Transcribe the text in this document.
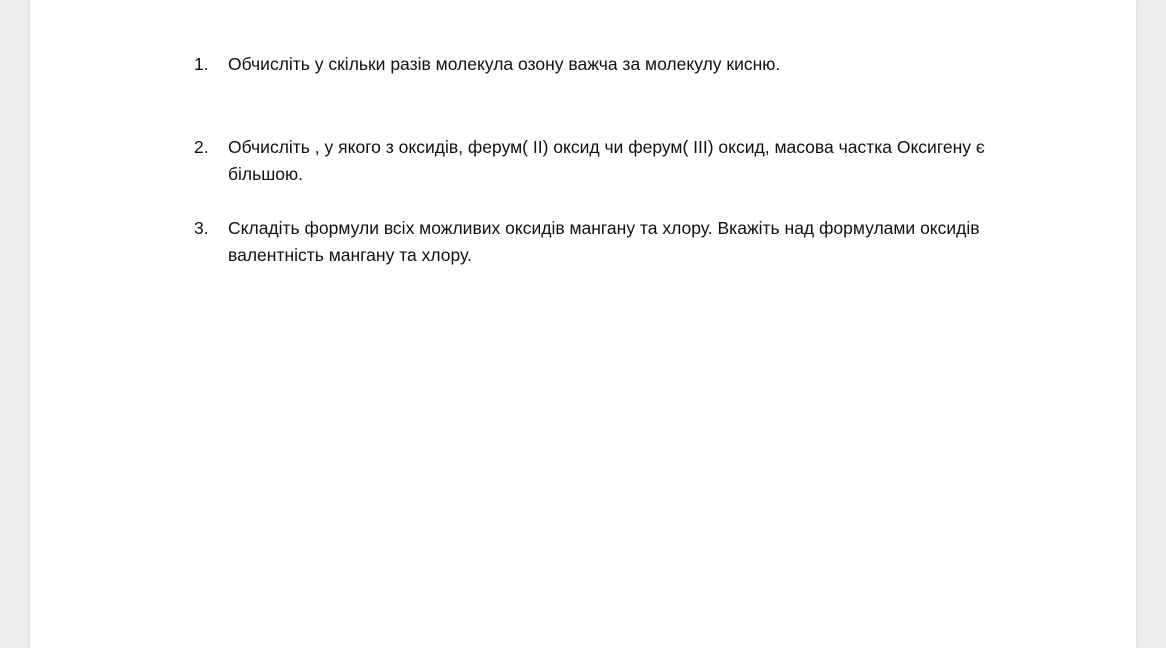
1.	Обчисліть у скільки разів молекула озону важча за молекулу кисню.
2.	Обчисліть , у якого з оксидів, ферум( ІІ) оксид чи ферум( ІІІ) оксид, масова частка Оксигену є більшою.
3.	Складіть формули всіх можливих оксидів мангану та хлору. Вкажіть над формулами оксидів валентність мангану та хлору.
